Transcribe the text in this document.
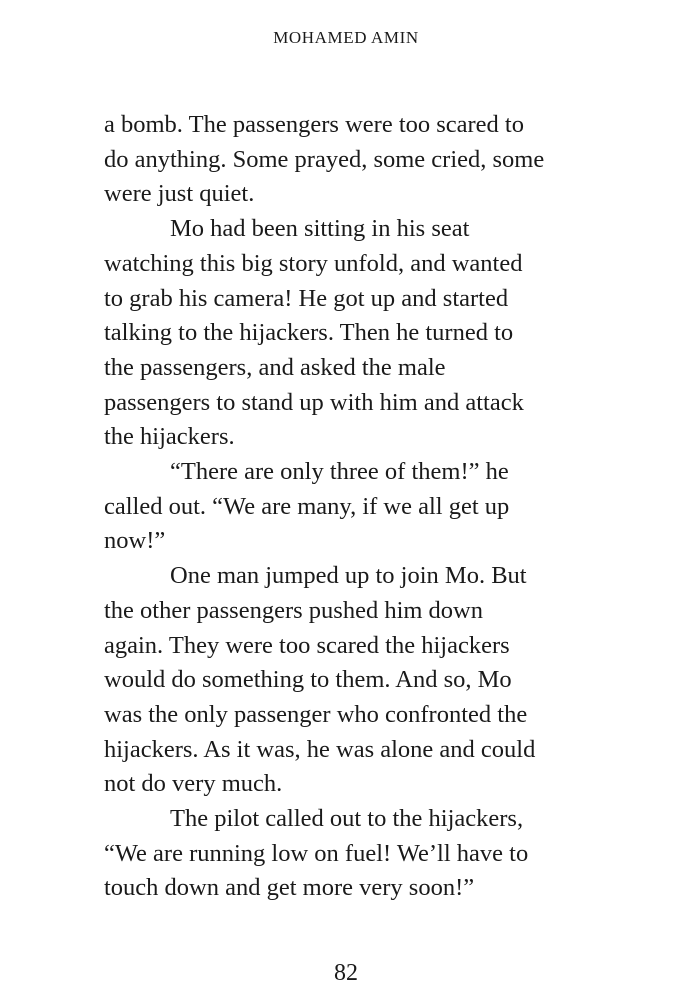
MOHAMED AMIN
a bomb. The passengers were too scared to
do anything. Some prayed, some cried, some
were just quiet.
Mo had been sitting in his seat
watching this big story unfold, and wanted
to grab his camera! He got up and started
talking to the hijackers. Then he turned to
the passengers, and asked the male
passengers to stand up with him and attack
the hijackers.
“There are only three of them!” he
called out. “We are many, if we all get up
now!”
One man jumped up to join Mo. But
the other passengers pushed him down
again. They were too scared the hijackers
would do something to them. And so, Mo
was the only passenger who confronted the
hijackers. As it was, he was alone and could
not do very much.
The pilot called out to the hijackers,
“We are running low on fuel! We’ll have to
touch down and get more very soon!”
82
